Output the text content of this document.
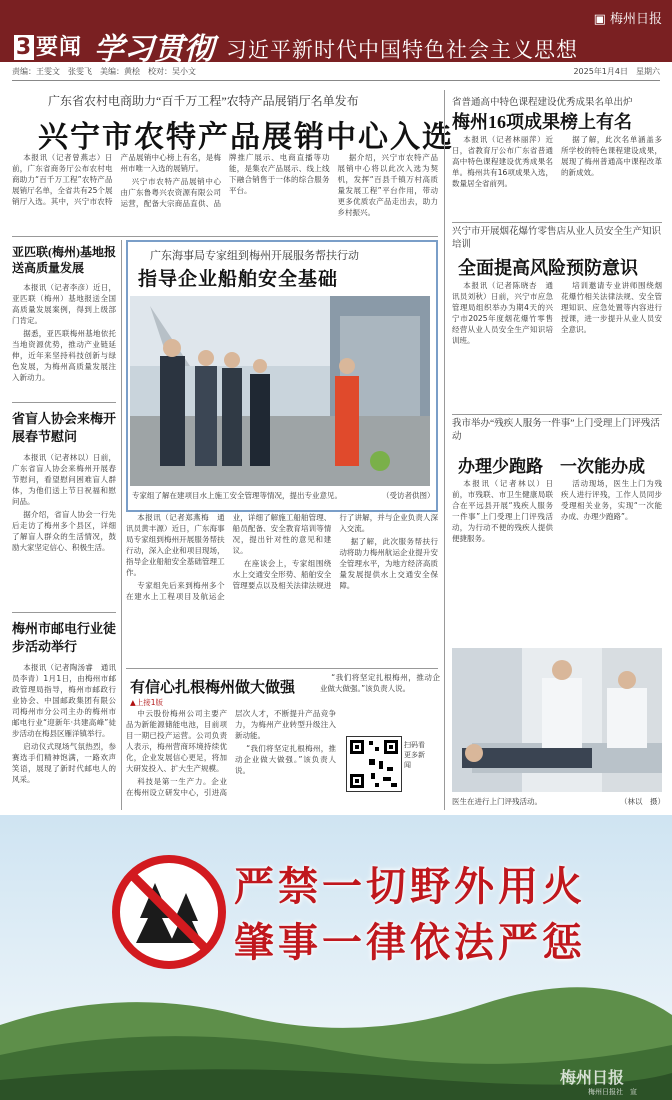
3 要闻 学习贯彻 习近平新时代中国特色社会主义思想
▣ 梅州日报
责编：王雯文　张雯飞　美编：黄桧　校对：吴小文	2025年1月4日　星期六
广东省农村电商助力“百千万工程”农特产品展销厅名单发布
兴宁市农特产品展销中心入选

本报讯（记者曾燕志）日前，广东省商务厅公布农村电商助力“百千万工程”农特产品展销厅名单，全省共有25个展销厅入选。其中，兴宁市农特产品展销中心榜上有名，是梅州市唯一入选的展销厅。

兴宁市农特产品展销中心由广东鲁粤兴农资源有限公司运营，配备大宗商品直供、品牌推广展示、电商直播等功能，是集农产品展示、线上线下融合销售于一体的综合服务平台。

据介绍，兴宁市农特产品展销中心将以此次入选为契机，发挥“百县千镇万村高质量发展工程”平台作用，带动更多优质农产品走出去，助力乡村振兴。

亚匹联(梅州)基地报送高质量发展

本报讯（记者李彦）近日，亚匹联（梅州）基地报送全国高质量发展案例，得到上级部门肯定。

据悉，亚匹联梅州基地依托当地资源优势，推动产业链延伸，近年来坚持科技创新与绿色发展，为梅州高质量发展注入新动力。

省盲人协会来梅开展春节慰问

本报讯（记者林以）日前，广东省盲人协会来梅州开展春节慰问，看望慰问困难盲人群体，为他们送上节日祝福和慰问品。

据介绍，省盲人协会一行先后走访了梅州多个县区，详细了解盲人群众的生活情况，鼓励大家坚定信心、积极生活。

梅州市邮电行业徒步活动举行

本报讯（记者陶汤睿　通讯员李青）1月1日，由梅州市邮政管理局指导，梅州市邮政行业协会、中国邮政集团有限公司梅州市分公司主办的梅州市邮电行业“迎新年·共建高峰”徒步活动在梅县区雁洋镇举行。

启动仪式现场气氛热烈，参赛选手们精神饱满，一路欢声笑语，展现了新时代邮电人的风采。

广东海事局专家组到梅州开展服务帮扶行动
指导企业船舶安全基础
专家组了解在建项目水上施工安全管理等情况，提出专业意见。	（受访者供图）

本报讯（记者郑燕梅　通讯员黄丰源）近日，广东海事局专家组到梅州开展服务帮扶行动，深入企业和项目现场，指导企业船舶安全基础管理工作。

专家组先后来到梅州多个在建水上工程项目及航运企业，详细了解施工船舶管理、船员配备、安全教育培训等情况，提出针对性的意见和建议。

在座谈会上，专家组围绕水上交通安全形势、船舶安全管理要点以及相关法律法规进行了讲解，并与企业负责人深入交流。

据了解，此次服务帮扶行动将助力梅州航运企业提升安全管理水平，为地方经济高质量发展提供水上交通安全保障。

有信心扎根梅州做大做强
▲上接1版

中云股份梅州公司主要产品为新能源储能电池，目前项目一期已投产运营。公司负责人表示，梅州营商环境持续优化，企业发展信心更足，将加大研发投入、扩大生产规模。

科技是第一生产力。企业在梅州设立研发中心，引进高层次人才，不断提升产品竞争力，为梅州产业转型升级注入新动能。

“我们将坚定扎根梅州，推动企业做大做强。”该负责人说。

“我们将坚定扎根梅州，推动企业做大做强。”该负责人说。

扫码看更多新闻
省普通高中特色课程建设优秀成果名单出炉
梅州16项成果榜上有名

本报讯（记者林丽萍）近日，省教育厅公布广东省普通高中特色课程建设优秀成果名单。梅州共有16项成果入选，数量居全省前列。

据了解，此次名单涵盖多所学校的特色课程建设成果，展现了梅州普通高中课程改革的新成效。

兴宁市开展烟花爆竹零售店从业人员安全生产知识培训
全面提高风险预防意识

本报讯（记者陈晓杏　通讯员刘秋）日前，兴宁市应急管理局组织举办为期4天的兴宁市2025年度烟花爆竹零售经营从业人员安全生产知识培训班。

培训邀请专业讲师围绕烟花爆竹相关法律法规、安全管理知识、应急处置等内容进行授课，进一步提升从业人员安全意识。

我市举办“残疾人服务一件事”上门受理上门评残活动
办理少跑路　一次能办成

本报讯（记者林以）日前，市残联、市卫生健康局联合在平远县开展“残疾人服务一件事”上门受理上门评残活动，为行动不便的残疾人提供便捷服务。

活动现场，医生上门为残疾人进行评残，工作人员同步受理相关业务，实现“一次能办成、办理少跑路”。

医生在进行上门评残活动。	（林以　摄）
严禁一切野外用火
肇事一律依法严惩
梅州日报
梅州日报社　宣
